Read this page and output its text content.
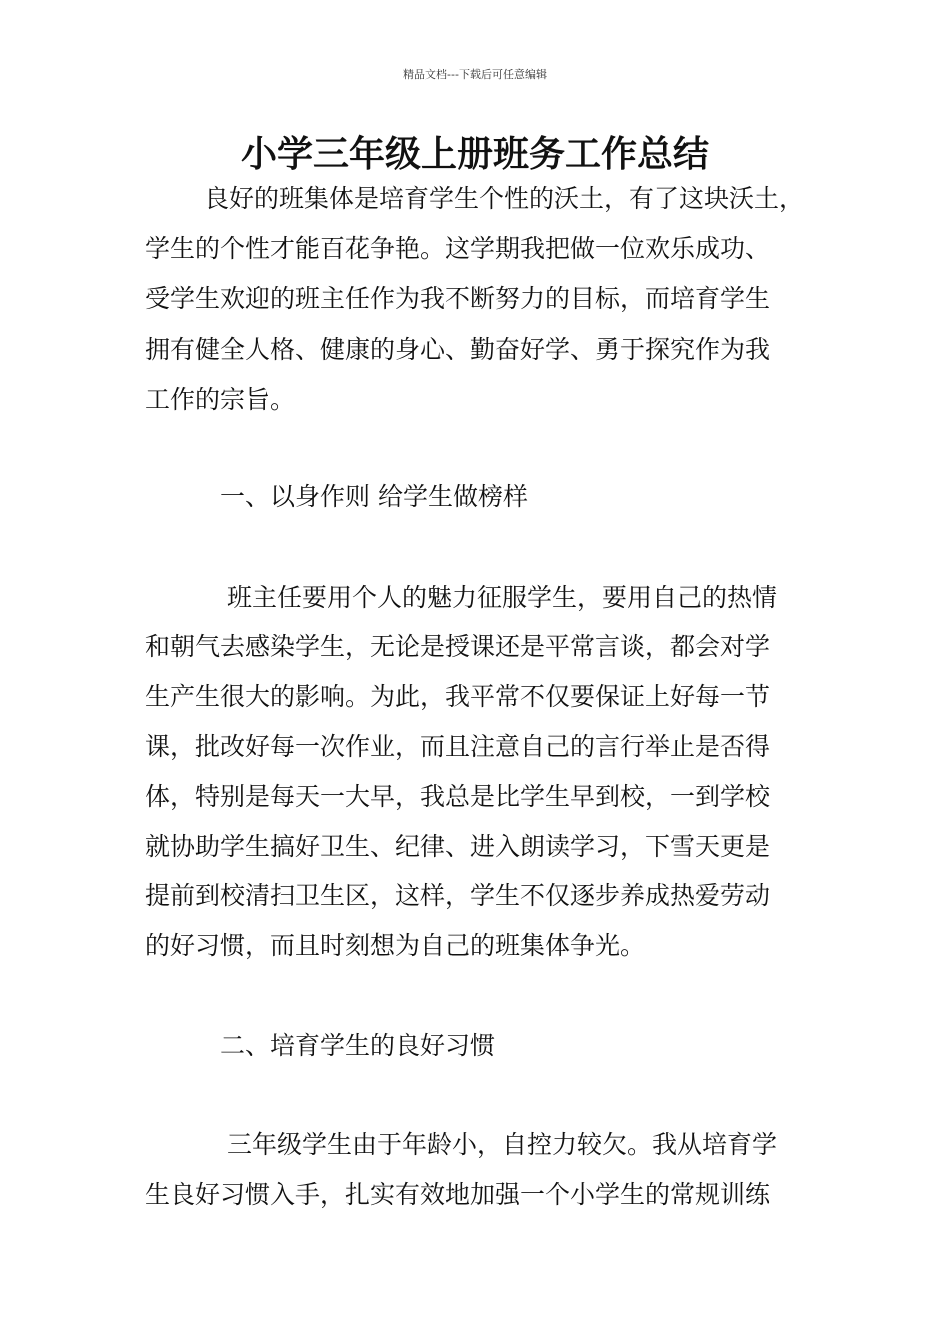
精品文档---下载后可任意编辑
小学三年级上册班务工作总结
良好的班集体是培育学生个性的沃土，有了这块沃土，
学生的个性才能百花争艳。这学期我把做一位欢乐成功、
受学生欢迎的班主任作为我不断努力的目标，而培育学生
拥有健全人格、健康的身心、勤奋好学、勇于探究作为我
工作的宗旨。
一、以身作则 给学生做榜样
班主任要用个人的魅力征服学生，要用自己的热情
和朝气去感染学生，无论是授课还是平常言谈，都会对学
生产生很大的影响。为此，我平常不仅要保证上好每一节
课，批改好每一次作业，而且注意自己的言行举止是否得
体，特别是每天一大早，我总是比学生早到校，一到学校
就协助学生搞好卫生、纪律、进入朗读学习，下雪天更是
提前到校清扫卫生区，这样，学生不仅逐步养成热爱劳动
的好习惯，而且时刻想为自己的班集体争光。
二、培育学生的良好习惯
三年级学生由于年龄小，自控力较欠。我从培育学
生良好习惯入手，扎实有效地加强一个小学生的常规训练
